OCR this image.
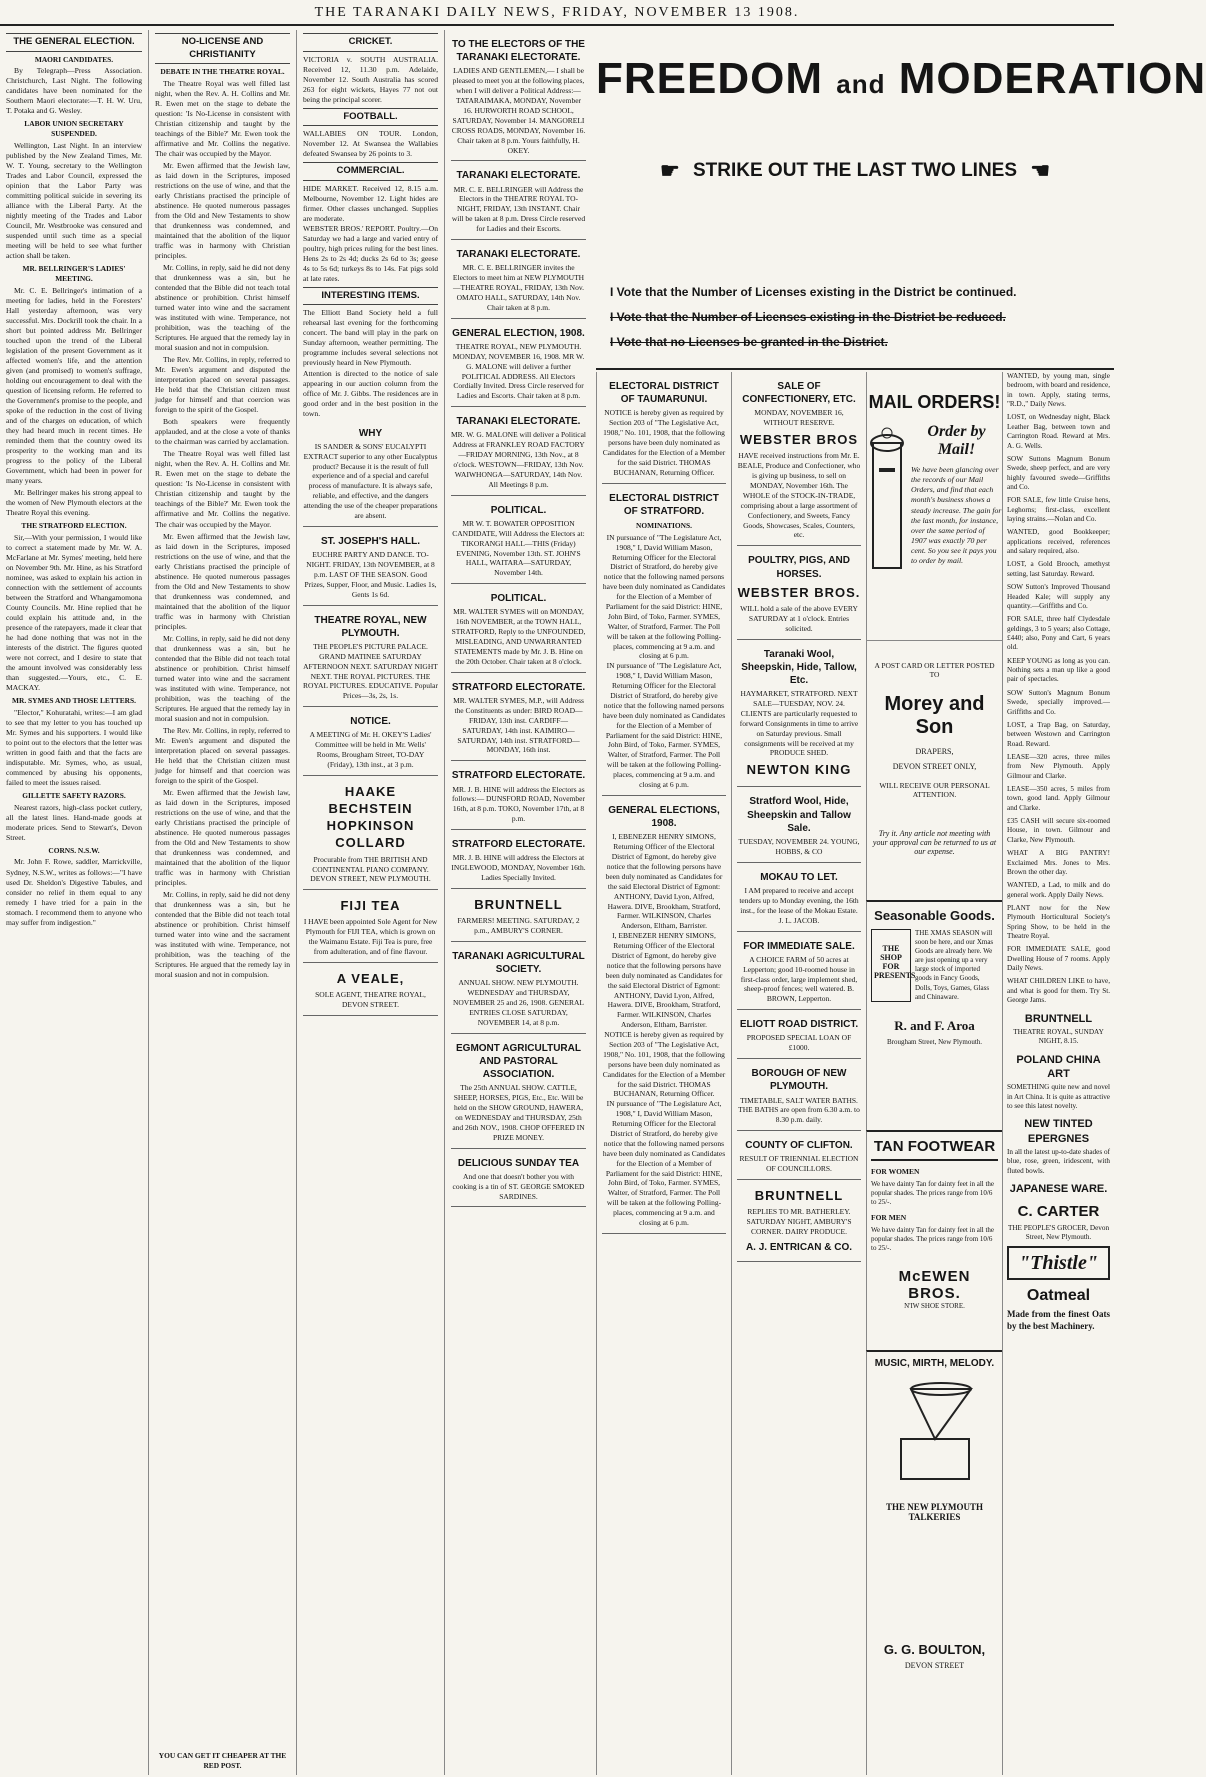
THE TARANAKI DAILY NEWS, FRIDAY, NOVEMBER 13 1908.
THE GENERAL ELECTION.
MAORI CANDIDATES.

By Telegraph—Press Association. Christchurch, Last Night. The following candidates have been nominated for the Southern Maori electorate:—T. H. W. Uru, T. Potaka and G. Wesley.

LABOR UNION SECRETARY SUSPENDED.

Wellington, Last Night. In an interview published by the New Zealand Times, Mr. W. T. Young, secretary to the Wellington Trades and Labor Council, expressed the opinion that the Labor Party was committing political suicide in severing its alliance with the Liberal Party. At the nightly meeting of the Trades and Labor Council, Mr. Westbrooke was censured and suspended until such time as a special meeting will be held to see what further action shall be taken.

MR. BELLRINGER'S LADIES' MEETING.

Mr. C. E. Bellringer's intimation of a meeting for ladies, held in the Foresters' Hall yesterday afternoon, was very successful. Mrs. Dockrill took the chair. In a short but pointed address Mr. Bellringer touched upon the trend of the Liberal legislation of the present Government as it affected women's life, and the attention given (and promised) to women's suffrage, holding out encouragement to deal with the question of licensing reform. He referred to the Government's promise to the people, and spoke of the reduction in the cost of living and of the charges on education, of which they had heard much in recent times. He reminded them that the country owed its prosperity to the working man and its progress to the policy of the Liberal Government, which had been in power for many years.

Mr. Bellringer makes his strong appeal to the women of New Plymouth electors at the Theatre Royal this evening.

THE STRATFORD ELECTION.

Sir,—With your permission, I would like to correct a statement made by Mr. W. A. McFarlane at Mr. Symes' meeting, held here on November 9th. Mr. Hine, as his Stratford nominee, was asked to explain his action in connection with the settlement of accounts between the Stratford and Whangamomona County Councils. Mr. Hine replied that he could explain his attitude and, in the presence of the ratepayers, made it clear that he had done nothing that was not in the interests of the district. The figures quoted were not correct, and I desire to state that the amount involved was considerably less than suggested.—Yours, etc., C. E. MACKAY.

MR. SYMES AND THOSE LETTERS.

"Elector," Kohuratahi, writes:—I am glad to see that my letter to you has touched up Mr. Symes and his supporters. I would like to point out to the electors that the letter was written in good faith and that the facts are indisputable. Mr. Symes, who, as usual, commenced by abusing his opponents, failed to meet the issues raised.

GILLETTE SAFETY RAZORS.

Nearest razors, high-class pocket cutlery, all the latest lines. Hand-made goods at moderate prices. Send to Stewart's, Devon Street.

CORNS. N.S.W.

Mr. John F. Rowe, saddler, Marrickville, Sydney, N.S.W., writes as follows:—"I have used Dr. Sheldon's Digestive Tabules, and consider no relief in them equal to any remedy I have tried for a pain in the stomach. I recommend them to anyone who may suffer from indigestion."

NO-LICENSE AND CHRISTIANITY
DEBATE IN THE THEATRE ROYAL.

The Theatre Royal was well filled last night, when the Rev. A. H. Collins and Mr. R. Ewen met on the stage to debate the question: 'Is No-License in consistent with Christian citizenship and taught by the teachings of the Bible?' Mr. Ewen took the affirmative and Mr. Collins the negative. The chair was occupied by the Mayor.

Mr. Ewen affirmed that the Jewish law, as laid down in the Scriptures, imposed restrictions on the use of wine, and that the early Christians practised the principle of abstinence. He quoted numerous passages from the Old and New Testaments to show that drunkenness was condemned, and maintained that the abolition of the liquor traffic was in harmony with Christian principles.

Mr. Collins, in reply, said he did not deny that drunkenness was a sin, but he contended that the Bible did not teach total abstinence or prohibition. Christ himself turned water into wine and the sacrament was instituted with wine. Temperance, not prohibition, was the teaching of the Scriptures. He argued that the remedy lay in moral suasion and not in compulsion.

The Rev. Mr. Collins, in reply, referred to Mr. Ewen's argument and disputed the interpretation placed on several passages. He held that the Christian citizen must judge for himself and that coercion was foreign to the spirit of the Gospel.

Both speakers were frequently applauded, and at the close a vote of thanks to the chairman was carried by acclamation.

The Theatre Royal was well filled last night, when the Rev. A. H. Collins and Mr. R. Ewen met on the stage to debate the question: 'Is No-License in consistent with Christian citizenship and taught by the teachings of the Bible?' Mr. Ewen took the affirmative and Mr. Collins the negative. The chair was occupied by the Mayor.

Mr. Ewen affirmed that the Jewish law, as laid down in the Scriptures, imposed restrictions on the use of wine, and that the early Christians practised the principle of abstinence. He quoted numerous passages from the Old and New Testaments to show that drunkenness was condemned, and maintained that the abolition of the liquor traffic was in harmony with Christian principles.

Mr. Collins, in reply, said he did not deny that drunkenness was a sin, but he contended that the Bible did not teach total abstinence or prohibition. Christ himself turned water into wine and the sacrament was instituted with wine. Temperance, not prohibition, was the teaching of the Scriptures. He argued that the remedy lay in moral suasion and not in compulsion.

The Rev. Mr. Collins, in reply, referred to Mr. Ewen's argument and disputed the interpretation placed on several passages. He held that the Christian citizen must judge for himself and that coercion was foreign to the spirit of the Gospel.

Mr. Ewen affirmed that the Jewish law, as laid down in the Scriptures, imposed restrictions on the use of wine, and that the early Christians practised the principle of abstinence. He quoted numerous passages from the Old and New Testaments to show that drunkenness was condemned, and maintained that the abolition of the liquor traffic was in harmony with Christian principles.

Mr. Collins, in reply, said he did not deny that drunkenness was a sin, but he contended that the Bible did not teach total abstinence or prohibition. Christ himself turned water into wine and the sacrament was instituted with wine. Temperance, not prohibition, was the teaching of the Scriptures. He argued that the remedy lay in moral suasion and not in compulsion.

YOU CAN GET IT CHEAPER AT THE RED POST.
CRICKET.

VICTORIA v. SOUTH AUSTRALIA. Received 12, 11.30 p.m. Adelaide, November 12. South Australia has scored 263 for eight wickets, Hayes 77 not out being the principal scorer.

FOOTBALL.

WALLABIES ON TOUR. London, November 12. At Swansea the Wallabies defeated Swansea by 26 points to 3.

COMMERCIAL.

HIDE MARKET. Received 12, 8.15 a.m. Melbourne, November 12. Light hides are firmer. Other classes unchanged. Supplies are moderate.

WEBSTER BROS.' REPORT. Poultry.—On Saturday we had a large and varied entry of poultry, high prices ruling for the best lines. Hens 2s to 2s 4d; ducks 2s 6d to 3s; geese 4s to 5s 6d; turkeys 8s to 14s. Fat pigs sold at late rates.

INTERESTING ITEMS.

The Elliott Band Society held a full rehearsal last evening for the forthcoming concert. The band will play in the park on Sunday afternoon, weather permitting. The programme includes several selections not previously heard in New Plymouth.

Attention is directed to the notice of sale appearing in our auction column from the office of Mr. J. Gibbs. The residences are in good order and in the best position in the town.

WHY
IS SANDER & SONS' EUCALYPTI EXTRACT superior to any other Eucalyptus product? Because it is the result of full experience and of a special and careful process of manufacture. It is always safe, reliable, and effective, and the dangers attending the use of the cheaper preparations are absent.
ST. JOSEPH'S HALL.
EUCHRE PARTY AND DANCE. TO-NIGHT. FRIDAY, 13th NOVEMBER, at 8 p.m. LAST OF THE SEASON. Good Prizes, Supper, Floor, and Music. Ladies 1s, Gents 1s 6d.
THEATRE ROYAL, NEW PLYMOUTH.
THE PEOPLE'S PICTURE PALACE. GRAND MATINEE SATURDAY AFTERNOON NEXT. SATURDAY NIGHT NEXT. THE ROYAL PICTURES. THE ROYAL PICTURES. EDUCATIVE. Popular Prices—3s, 2s, 1s.
NOTICE.
A MEETING of Mr. H. OKEY'S Ladies' Committee will be held in Mr. Wells' Rooms, Brougham Street, TO-DAY (Friday), 13th inst., at 3 p.m.
HAAKE BECHSTEIN HOPKINSON COLLARD
Procurable from THE BRITISH AND CONTINENTAL PIANO COMPANY. DEVON STREET, NEW PLYMOUTH.
FIJI TEA
I HAVE been appointed Sole Agent for New Plymouth for FIJI TEA, which is grown on the Waimanu Estate. Fiji Tea is pure, free from adulteration, and of fine flavour.
A VEALE,
SOLE AGENT, THEATRE ROYAL, DEVON STREET.
TO THE ELECTORS OF THE TARANAKI ELECTORATE.
LADIES AND GENTLEMEN,— I shall be pleased to meet you at the following places, when I will deliver a Political Address:— TATARAIMAKA, MONDAY, November 16. HURWORTH ROAD SCHOOL, SATURDAY, November 14. MANGORELI CROSS ROADS, MONDAY, November 16. Chair taken at 8 p.m. Yours faithfully, H. OKEY.
TARANAKI ELECTORATE.
MR. C. E. BELLRINGER will Address the Electors in the THEATRE ROYAL TO-NIGHT, FRIDAY, 13th INSTANT. Chair will be taken at 8 p.m. Dress Circle reserved for Ladies and their Escorts.
TARANAKI ELECTORATE.
MR. C. E. BELLRINGER invites the Electors to meet him at NEW PLYMOUTH—THEATRE ROYAL, FRIDAY, 13th Nov. OMATO HALL, SATURDAY, 14th Nov. Chair taken at 8 p.m.
GENERAL ELECTION, 1908.
THEATRE ROYAL, NEW PLYMOUTH. MONDAY, NOVEMBER 16, 1908. MR W. G. MALONE will deliver a further POLITICAL ADDRESS. All Electors Cordially Invited. Dress Circle reserved for Ladies and Escorts. Chair taken at 8 p.m.
TARANAKI ELECTORATE.
MR. W. G. MALONE will deliver a Political Address at FRANKLEY ROAD FACTORY—FRIDAY MORNING, 13th Nov., at 8 o'clock. WESTOWN—FRIDAY, 13th Nov. WAIWHONGA—SATURDAY, 14th Nov. All Meetings 8 p.m.
POLITICAL.
MR W. T. BOWATER OPPOSITION CANDIDATE, Will Address the Electors at: TIKORANGI HALL—THIS (Friday) EVENING, November 13th. ST. JOHN'S HALL, WAITARA—SATURDAY, November 14th.
POLITICAL.
MR. WALTER SYMES will on MONDAY, 16th NOVEMBER, at the TOWN HALL, STRATFORD, Reply to the UNFOUNDED, MISLEADING, AND UNWARRANTED STATEMENTS made by Mr. J. B. Hine on the 20th October. Chair taken at 8 o'clock.
STRATFORD ELECTORATE.
MR. WALTER SYMES, M.P., will Address the Constituents as under: BIRD ROAD—FRIDAY, 13th inst. CARDIFF—SATURDAY, 14th inst. KAIMIRO—SATURDAY, 14th inst. STRATFORD—MONDAY, 16th inst.
STRATFORD ELECTORATE.
MR. J. B. HINE will address the Electors as follows:— DUNSFORD ROAD, November 16th, at 8 p.m. TOKO, November 17th, at 8 p.m.
STRATFORD ELECTORATE.
MR. J. B. HINE will address the Electors at INGLEWOOD, MONDAY, November 16th. Ladies Specially Invited.
BRUNTNELL
FARMERS! MEETING. SATURDAY, 2 p.m., AMBURY'S CORNER.
TARANAKI AGRICULTURAL SOCIETY.
ANNUAL SHOW. NEW PLYMOUTH. WEDNESDAY and THURSDAY, NOVEMBER 25 and 26, 1908. GENERAL ENTRIES CLOSE SATURDAY, NOVEMBER 14, at 8 p.m.
EGMONT AGRICULTURAL AND PASTORAL ASSOCIATION.
The 25th ANNUAL SHOW. CATTLE, SHEEP, HORSES, PIGS, Etc., Etc. Will be held on the SHOW GROUND, HAWERA, on WEDNESDAY and THURSDAY, 25th and 26th NOV., 1908. CHOP OFFERED IN PRIZE MONEY.
DELICIOUS SUNDAY TEA
And one that doesn't bother you with cooking is a tin of ST. GEORGE SMOKED SARDINES.
FREEDOM and MODERATION
☛ STRIKE OUT THE LAST TWO LINES ☚
I Vote that the Number of Licenses existing in the District be continued.
I Vote that the Number of Licenses existing in the District be reduced.
I Vote that no Licenses be granted in the District.
ELECTORAL DISTRICT OF TAUMARUNUI.
NOTICE is hereby given as required by Section 203 of "The Legislative Act, 1908," No. 101, 1908, that the following persons have been duly nominated as Candidates for the Election of a Member for the said District. THOMAS BUCHANAN, Returning Officer.
ELECTORAL DISTRICT OF STRATFORD.
NOMINATIONS.
IN pursuance of "The Legislature Act, 1908," I, David William Mason, Returning Officer for the Electoral District of Stratford, do hereby give notice that the following named persons have been duly nominated as Candidates for the Election of a Member of Parliament for the said District: HINE, John Bird, of Toko, Farmer. SYMES, Walter, of Stratford, Farmer. The Poll will be taken at the following Polling-places, commencing at 9 a.m. and closing at 6 p.m.
IN pursuance of "The Legislature Act, 1908," I, David William Mason, Returning Officer for the Electoral District of Stratford, do hereby give notice that the following named persons have been duly nominated as Candidates for the Election of a Member of Parliament for the said District: HINE, John Bird, of Toko, Farmer. SYMES, Walter, of Stratford, Farmer. The Poll will be taken at the following Polling-places, commencing at 9 a.m. and closing at 6 p.m.
GENERAL ELECTIONS, 1908.
I, EBENEZER HENRY SIMONS, Returning Officer of the Electoral District of Egmont, do hereby give notice that the following persons have been duly nominated as Candidates for the said Electoral District of Egmont: ANTHONY, David Lyon, Alfred, Hawera. DIVE, Brookham, Stratford, Farmer. WILKINSON, Charles Anderson, Eltham, Barrister.
I, EBENEZER HENRY SIMONS, Returning Officer of the Electoral District of Egmont, do hereby give notice that the following persons have been duly nominated as Candidates for the said Electoral District of Egmont: ANTHONY, David Lyon, Alfred, Hawera. DIVE, Brookham, Stratford, Farmer. WILKINSON, Charles Anderson, Eltham, Barrister.
NOTICE is hereby given as required by Section 203 of "The Legislative Act, 1908," No. 101, 1908, that the following persons have been duly nominated as Candidates for the Election of a Member for the said District. THOMAS BUCHANAN, Returning Officer.
IN pursuance of "The Legislature Act, 1908," I, David William Mason, Returning Officer for the Electoral District of Stratford, do hereby give notice that the following named persons have been duly nominated as Candidates for the Election of a Member of Parliament for the said District: HINE, John Bird, of Toko, Farmer. SYMES, Walter, of Stratford, Farmer. The Poll will be taken at the following Polling-places, commencing at 9 a.m. and closing at 6 p.m.
SALE OF CONFECTIONERY, ETC.
MONDAY, NOVEMBER 16, WITHOUT RESERVE.
WEBSTER BROS
HAVE received instructions from Mr. E. BEALE, Produce and Confectioner, who is giving up business, to sell on MONDAY, November 16th. The WHOLE of the STOCK-IN-TRADE, comprising about a large assortment of Confectionery, and Sweets, Fancy Goods, Showcases, Scales, Counters, etc.
POULTRY, PIGS, AND HORSES.
WEBSTER BROS.
WILL hold a sale of the above EVERY SATURDAY at 1 o'clock. Entries solicited.
Taranaki Wool, Sheepskin, Hide, Tallow, Etc.
HAYMARKET, STRATFORD. NEXT SALE—TUESDAY, NOV. 24. CLIENTS are particularly requested to forward Consignments in time to arrive on Saturday previous. Small consignments will be received at my PRODUCE SHED.
NEWTON KING
Stratford Wool, Hide, Sheepskin and Tallow Sale.
TUESDAY, NOVEMBER 24. YOUNG, HOBBS, & CO
MOKAU TO LET.
I AM prepared to receive and accept tenders up to Monday evening, the 16th inst., for the lease of the Mokau Estate. J. L. JACOB.
FOR IMMEDIATE SALE.
A CHOICE FARM of 50 acres at Lepperton; good 10-roomed house in first-class order, large implement shed, sheep-proof fences; well watered. B. BROWN, Lepperton.
ELIOTT ROAD DISTRICT.
PROPOSED SPECIAL LOAN OF £1000.
BOROUGH OF NEW PLYMOUTH.
TIMETABLE, SALT WATER BATHS. THE BATHS are open from 6.30 a.m. to 8.30 p.m. daily.
COUNTY OF CLIFTON.
RESULT OF TRIENNIAL ELECTION OF COUNCILLORS.
BRUNTNELL
REPLIES TO MR. BATHERLEY. SATURDAY NIGHT, AMBURY'S CORNER. DAIRY PRODUCE.
A. J. ENTRICAN & CO.
MAIL ORDERS!
Order by Mail!
We have been glancing over the records of our Mail Orders, and find that each month's business shows a steady increase. The gain for the last month, for instance, over the same period of 1907 was exactly 70 per cent. So you see it pays you to order by mail.
A POST CARD OR LETTER POSTED TO
Morey and Son
DRAPERS,
DEVON STREET ONLY,
WILL RECEIVE OUR PERSONAL ATTENTION.
Try it. Any article not meeting with your approval can be returned to us at our expense.
Seasonable Goods.
THE SHOP FOR PRESENTS
THE XMAS SEASON will soon be here, and our Xmas Goods are already here. We are just opening up a very large stock of imported goods in Fancy Goods, Dolls, Toys, Games, Glass and Chinaware.
R. and F. Aroa
Brougham Street, New Plymouth.
TAN FOOTWEAR
FOR WOMEN
We have dainty Tan for dainty feet in all the popular shades. The prices range from 10/6 to 25/-.
FOR MEN
We have dainty Tan for dainty feet in all the popular shades. The prices range from 10/6 to 25/-.
McEWEN BROS.
N'IW SHOE STORE.
MUSIC, MIRTH, MELODY.
THE NEW PLYMOUTH TALKERIES
G. G. BOULTON,
DEVON STREET

WANTED, by young man, single bedroom, with board and residence, in town. Apply, stating terms, "R.D.," Daily News.

LOST, on Wednesday night, Black Leather Bag, between town and Carrington Road. Reward at Mrs. A. G. Wells.

SOW Suttons Magnum Bonum Swede, sheep perfect, and are very highly favoured swede—Griffiths and Co.

FOR SALE, few little Cruise hens, Leghorns; first-class, excellent laying strains.—Nolan and Co.

WANTED, good Bookkeeper; applications received, references and salary required, also.

LOST, a Gold Brooch, amethyst setting, last Saturday. Reward.

SOW Sutton's Improved Thousand Headed Kale; will supply any quantity.—Griffiths and Co.

FOR SALE, three half Clydesdale geldings, 3 to 5 years; also Cottage, £440; also, Pony and Cart, 6 years old.

KEEP YOUNG as long as you can. Nothing sets a man up like a good pair of spectacles.

SOW Sutton's Magnum Bonum Swede, specially improved.—Griffiths and Co.

LOST, a Trap Bag, on Saturday, between Westown and Carrington Road. Reward.

LEASE—320 acres, three miles from New Plymouth. Apply Gilmour and Clarke.

LEASE—350 acres, 5 miles from town, good land. Apply Gilmour and Clarke.

£35 CASH will secure six-roomed House, in town. Gilmour and Clarke, New Plymouth.

WHAT A BIG PANTRY! Exclaimed Mrs. Jones to Mrs. Brown the other day.

WANTED, a Lad, to milk and do general work. Apply Daily News.

PLANT now for the New Plymouth Horticultural Society's Spring Show, to be held in the Theatre Royal.

FOR IMMEDIATE SALE, good Dwelling House of 7 rooms. Apply Daily News.

WHAT CHILDREN LIKE to have, and what is good for them. Try St. George Jams.

BRUNTNELL

THEATRE ROYAL, SUNDAY NIGHT, 8.15.

POLAND CHINA ART

SOMETHING quite new and novel in Art China. It is quite as attractive to see this latest novelty.

NEW TINTED EPERGNES

In all the latest up-to-date shades of blue, rose, green, iridescent, with fluted bowls.

JAPANESE WARE.
C. CARTER

THE PEOPLE'S GROCER, Devon Street, New Plymouth.

"Thistle"
Oatmeal

Made from the finest Oats by the best Machinery.
